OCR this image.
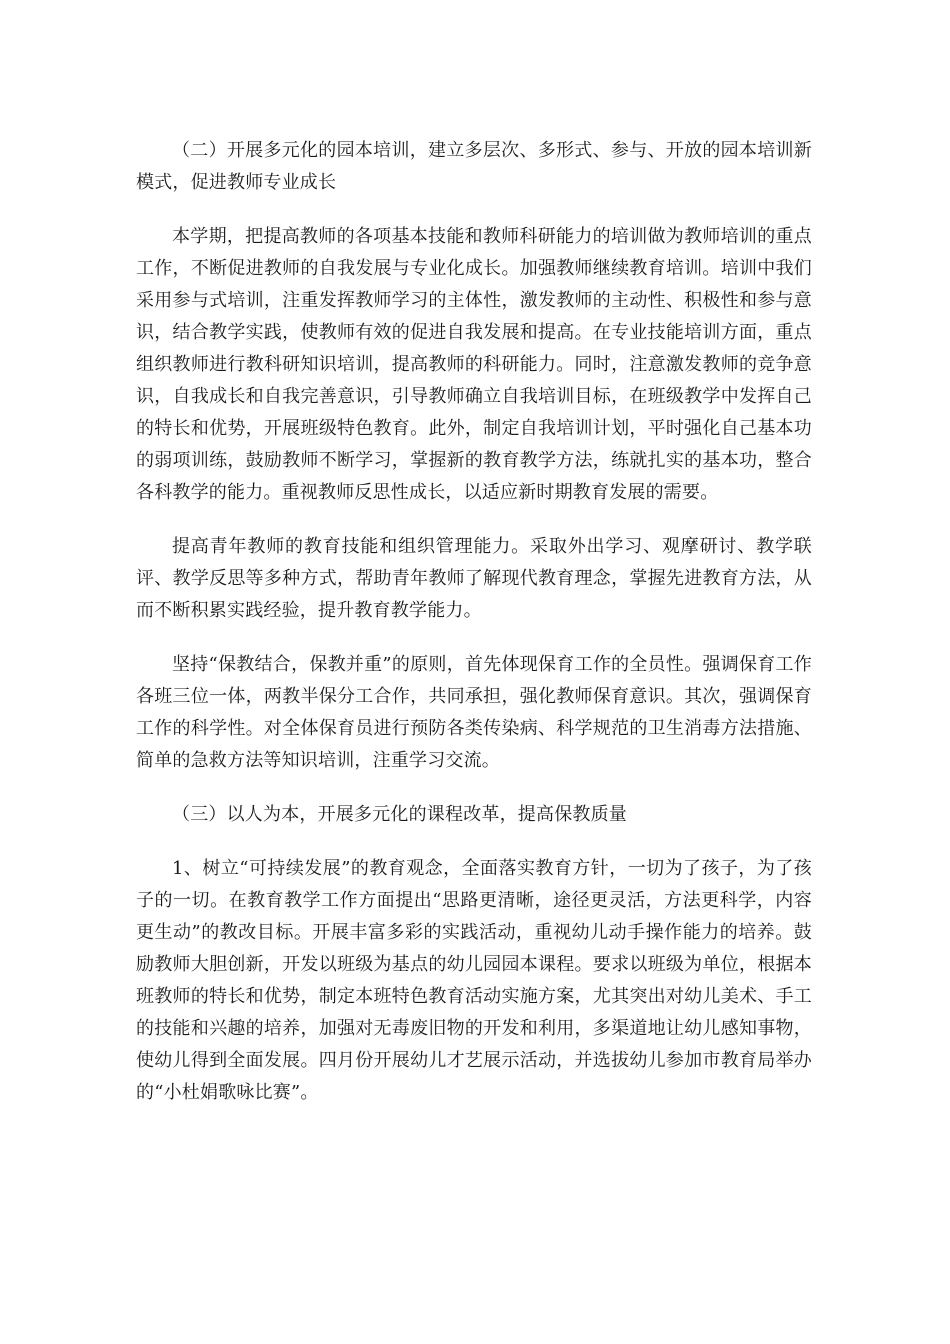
（二）开展多元化的园本培训，建立多层次、多形式、参与、开放的园本培训新模式，促进教师专业成长

本学期，把提高教师的各项基本技能和教师科研能力的培训做为教师培训的重点工作，不断促进教师的自我发展与专业化成长。加强教师继续教育培训。培训中我们采用参与式培训，注重发挥教师学习的主体性，激发教师的主动性、积极性和参与意识，结合教学实践，使教师有效的促进自我发展和提高。在专业技能培训方面，重点组织教师进行教科研知识培训，提高教师的科研能力。同时，注意激发教师的竞争意识，自我成长和自我完善意识，引导教师确立自我培训目标，在班级教学中发挥自己的特长和优势，开展班级特色教育。此外，制定自我培训计划，平时强化自己基本功的弱项训练，鼓励教师不断学习，掌握新的教育教学方法，练就扎实的基本功，整合各科教学的能力。重视教师反思性成长，以适应新时期教育发展的需要。

提高青年教师的教育技能和组织管理能力。采取外出学习、观摩研讨、教学联评、教学反思等多种方式，帮助青年教师了解现代教育理念，掌握先进教育方法，从而不断积累实践经验，提升教育教学能力。

坚持“保教结合，保教并重”的原则，首先体现保育工作的全员性。强调保育工作各班三位一体，两教半保分工合作，共同承担，强化教师保育意识。其次，强调保育工作的科学性。对全体保育员进行预防各类传染病、科学规范的卫生消毒方法措施、简单的急救方法等知识培训，注重学习交流。

（三）以人为本，开展多元化的课程改革，提高保教质量

1、树立“可持续发展”的教育观念，全面落实教育方针，一切为了孩子，为了孩子的一切。在教育教学工作方面提出“思路更清晰，途径更灵活，方法更科学，内容更生动”的教改目标。开展丰富多彩的实践活动，重视幼儿动手操作能力的培养。鼓励教师大胆创新，开发以班级为基点的幼儿园园本课程。要求以班级为单位，根据本班教师的特长和优势，制定本班特色教育活动实施方案，尤其突出对幼儿美术、手工的技能和兴趣的培养，加强对无毒废旧物的开发和利用，多渠道地让幼儿感知事物，使幼儿得到全面发展。四月份开展幼儿才艺展示活动，并选拔幼儿参加市教育局举办的“小杜娟歌咏比赛”。
